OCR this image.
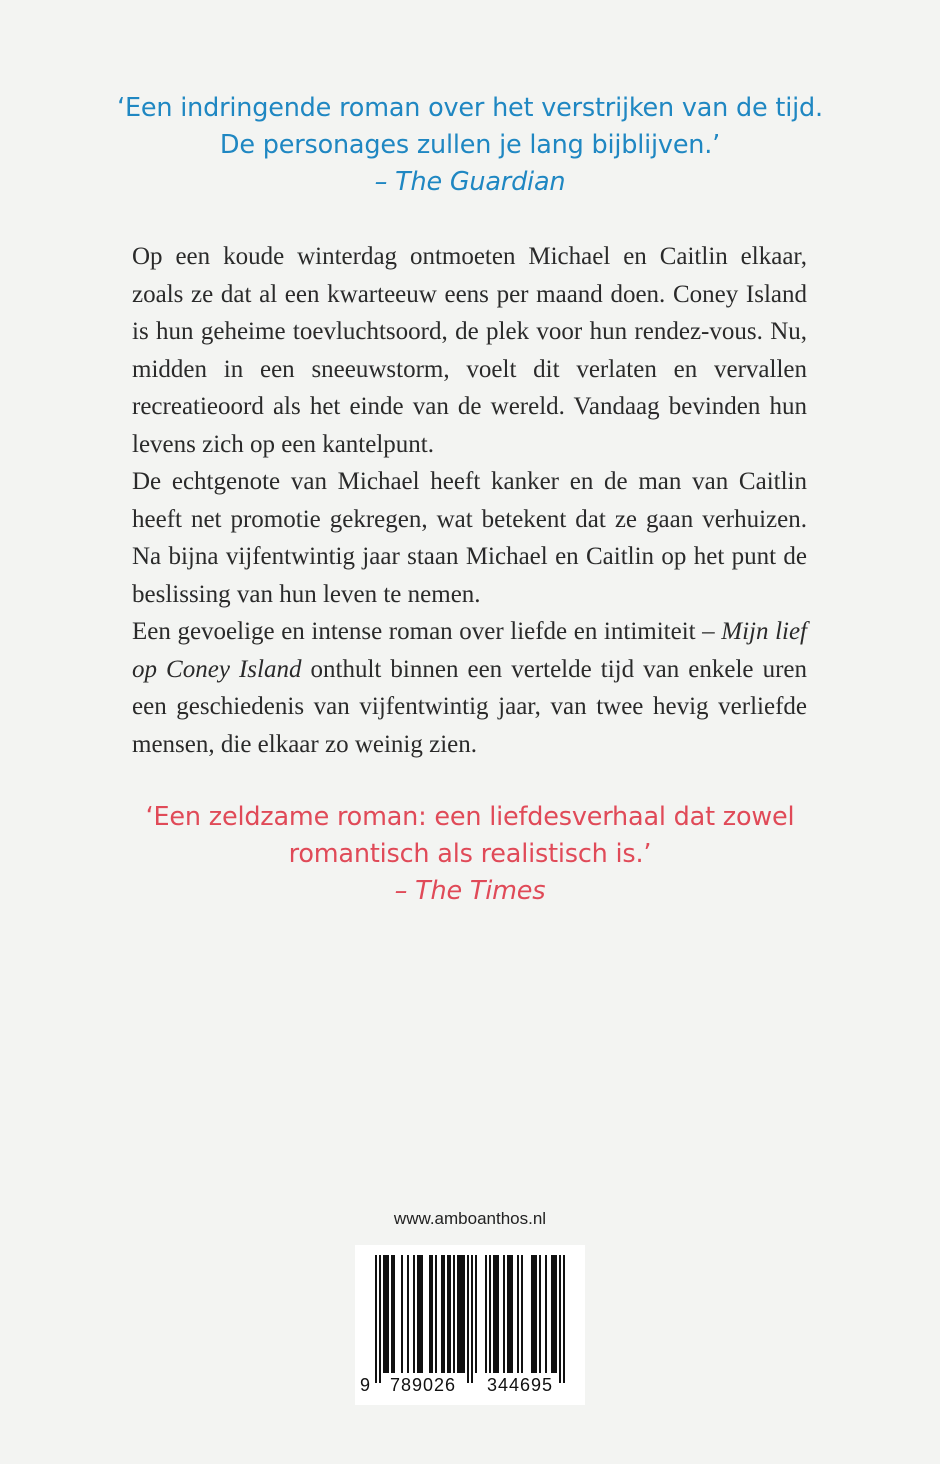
‘Een indringende roman over het verstrijken van de tijd.
De personages zullen je lang bijblijven.’
– The Guardian

Op een koude winterdag ontmoeten Michael en Caitlin elkaar, zoals ze dat al een kwarteeuw eens per maand doen. Coney Island is hun geheime toevluchtsoord, de plek voor hun rendez-vous. Nu, midden in een sneeuwstorm, voelt dit verlaten en vervallen recreatieoord als het einde van de wereld. Vandaag bevinden hun levens zich op een kantelpunt.

De echtgenote van Michael heeft kanker en de man van Caitlin heeft net promotie gekregen, wat betekent dat ze gaan verhuizen. Na bijna vijfentwintig jaar staan Michael en Caitlin op het punt de beslissing van hun leven te nemen.

Een gevoelige en intense roman over liefde en intimiteit – Mijn lief op Coney Island onthult binnen een vertelde tijd van enkele uren een geschiedenis van vijfentwintig jaar, van twee hevig verliefde mensen, die elkaar zo weinig zien.

‘Een zeldzame roman: een liefdesverhaal dat zowel
romantisch als realistisch is.’
– The Times
www.amboanthos.nl
9	789026	344695
